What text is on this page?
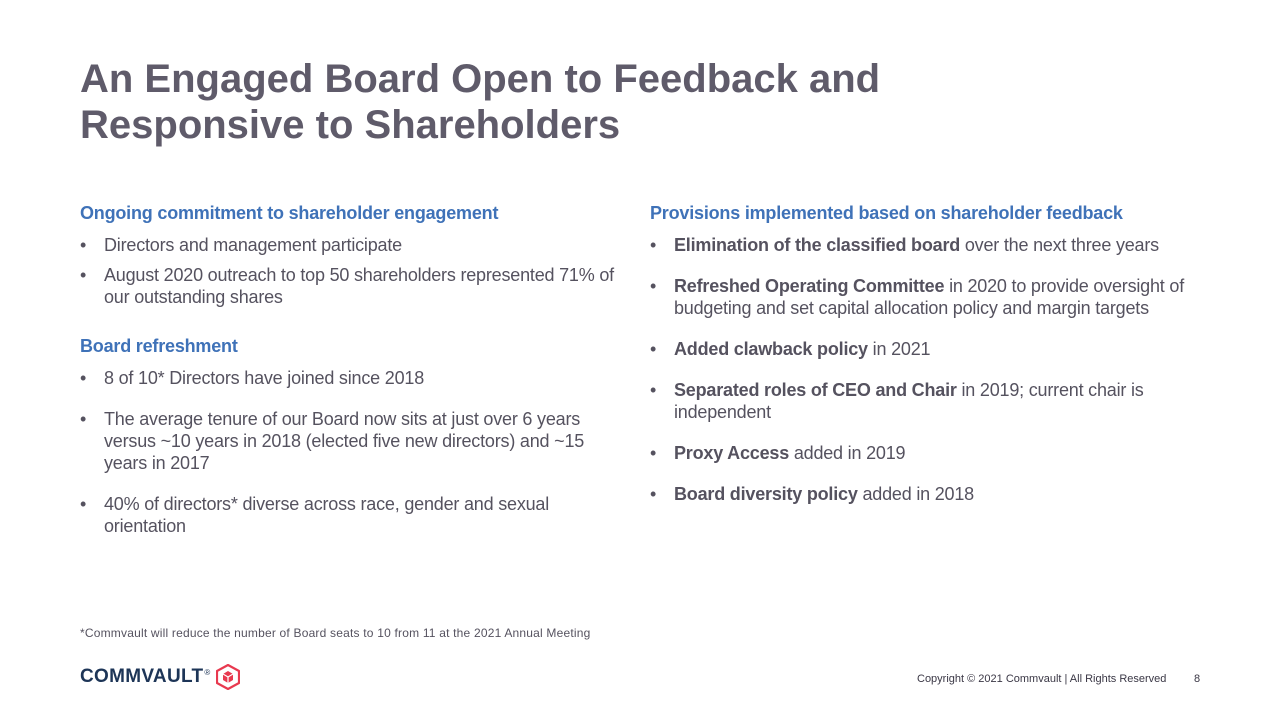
An Engaged Board Open to Feedback and
Responsive to Shareholders
Ongoing commitment to shareholder engagement
• Directors and management participate
• August 2020 outreach to top 50 shareholders represented 71% of our outstanding shares
Board refreshment
• 8 of 10* Directors have joined since 2018
• The average tenure of our Board now sits at just over 6 years versus ~10 years in 2018 (elected five new directors) and ~15 years in 2017
• 40% of directors* diverse across race, gender and sexual orientation
Provisions implemented based on shareholder feedback
• Elimination of the classified board over the next three years
• Refreshed Operating Committee in 2020 to provide oversight of budgeting and set capital allocation policy and margin targets
• Added clawback policy in 2021
• Separated roles of CEO and Chair in 2019; current chair is independent
• Proxy Access added in 2019
• Board diversity policy added in 2018
*Commvault will reduce the number of Board seats to 10 from 11 at the 2021 Annual Meeting
COMMVAULT ®
Copyright © 2021 Commvault | All Rights Reserved	8
